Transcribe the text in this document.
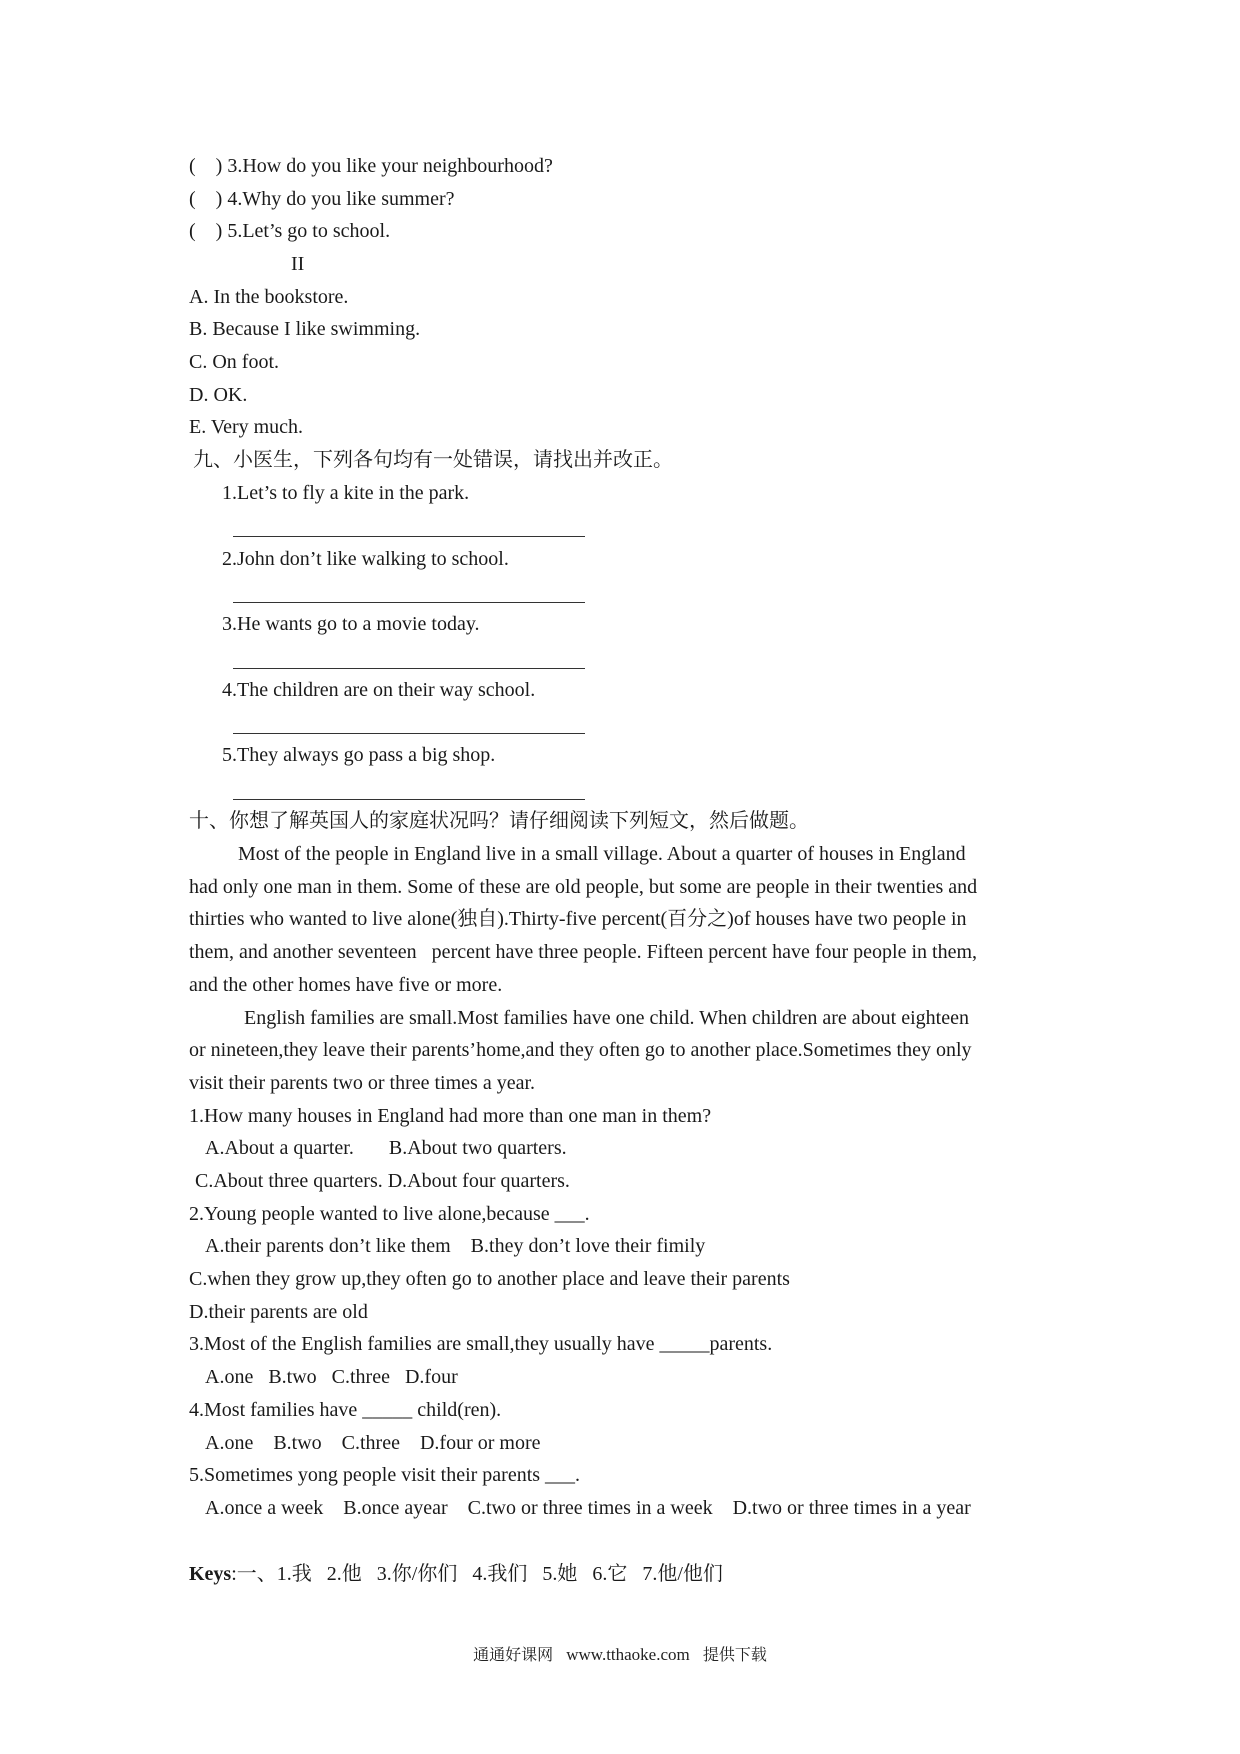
(    ) 3.How do you like your neighbourhood?
(    ) 4.Why do you like summer?
(    ) 5.Let’s go to school.
II
A. In the bookstore.
B. Because I like swimming.
C. On foot.
D. OK.
E. Very much.
九、小医生，下列各句均有一处错误，请找出并改正。
1.Let’s to fly a kite in the park.
2.John don’t like walking to school.
3.He wants go to a movie today.
4.The children are on their way school.
5.They always go pass a big shop.
十、你想了解英国人的家庭状况吗？请仔细阅读下列短文，然后做题。
Most of the people in England live in a small village. About a quarter of houses in England
had only one man in them. Some of these are old people, but some are people in their twenties and
thirties who wanted to live alone(独自).Thirty-five percent(百分之)of houses have two people in
them, and another seventeen   percent have three people. Fifteen percent have four people in them,
and the other homes have five or more.
English families are small.Most families have one child. When children are about eighteen
or nineteen,they leave their parents’home,and they often go to another place.Sometimes they only
visit their parents two or three times a year.
1.How many houses in England had more than one man in them?
A.About a quarter.       B.About two quarters.
C.About three quarters. D.About four quarters.
2.Young people wanted to live alone,because ___.
A.their parents don’t like them    B.they don’t love their fimily
C.when they grow up,they often go to another place and leave their parents
D.their parents are old
3.Most of the English families are small,they usually have _____parents.
A.one   B.two   C.three   D.four
4.Most families have _____ child(ren).
A.one    B.two    C.three    D.four or more
5.Sometimes yong people visit their parents ___.
A.once a week    B.once ayear    C.two or three times in a week    D.two or three times in a year
Keys:一、1.我   2.他   3.你/你们   4.我们   5.她   6.它   7.他/他们
通通好课网 www.tthaoke.com 提供下载
